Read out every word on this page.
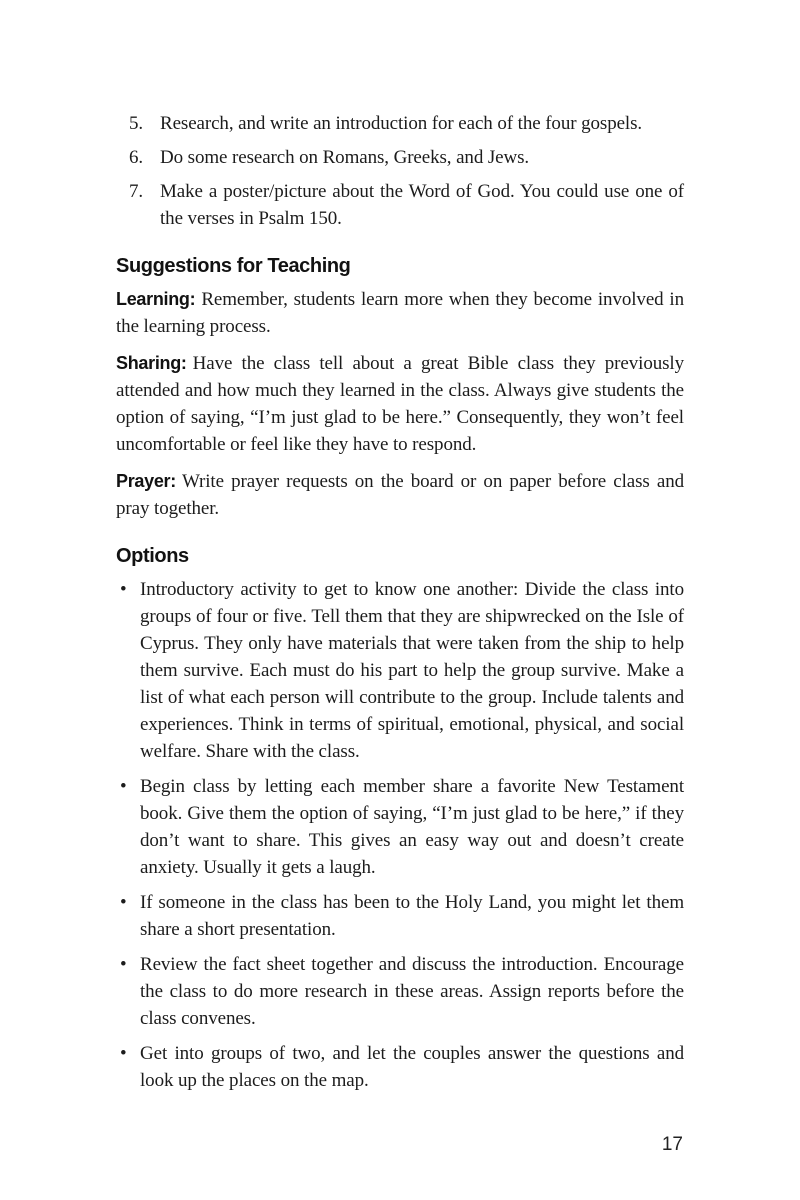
5. Research, and write an introduction for each of the four gospels.
6. Do some research on Romans, Greeks, and Jews.
7. Make a poster/picture about the Word of God. You could use one of the verses in Psalm 150.
Suggestions for Teaching

Learning: Remember, students learn more when they become involved in the learning process.

Sharing: Have the class tell about a great Bible class they previously attended and how much they learned in the class. Always give students the option of saying, “I’m just glad to be here.” Consequently, they won’t feel uncomfortable or feel like they have to respond.

Prayer: Write prayer requests on the board or on paper before class and pray together.

Options
• Introductory activity to get to know one another: Divide the class into groups of four or five. Tell them that they are shipwrecked on the Isle of Cyprus. They only have materials that were taken from the ship to help them survive. Each must do his part to help the group survive. Make a list of what each person will contribute to the group. Include talents and experiences. Think in terms of spiritual, emotional, physical, and social welfare. Share with the class.
• Begin class by letting each member share a favorite New Testament book. Give them the option of saying, “I’m just glad to be here,” if they don’t want to share. This gives an easy way out and doesn’t create anxiety. Usually it gets a laugh.
• If someone in the class has been to the Holy Land, you might let them share a short presentation.
• Review the fact sheet together and discuss the introduction. Encourage the class to do more research in these areas. Assign reports before the class convenes.
• Get into groups of two, and let the couples answer the questions and look up the places on the map.
17
